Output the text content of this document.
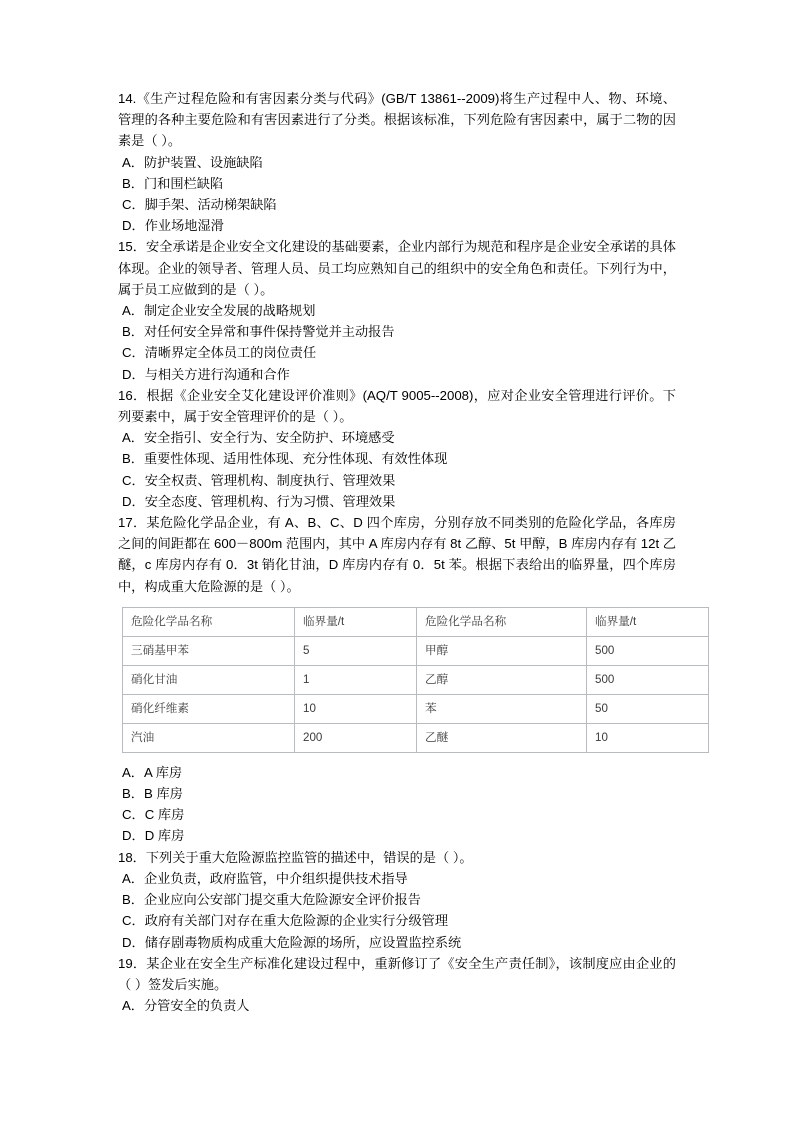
14.《生产过程危险和有害因素分类与代码》(GB/T 13861--2009)将生产过程中人、物、环境、管理的各种主要危险和有害因素进行了分类。根据该标准，下列危险有害因素中，属于二物的因素是（ ）。

A．防护装置、设施缺陷

B．门和围栏缺陷

C．脚手架、活动梯架缺陷

D．作业场地湿滑

15．安全承诺是企业安全文化建设的基础要素，企业内部行为规范和程序是企业安全承诺的具体体现。企业的领导者、管理人员、员工均应熟知自己的组织中的安全角色和责任。下列行为中，属于员工应做到的是（ ）。

A．制定企业安全发展的战略规划

B．对任何安全异常和事件保持警觉并主动报告

C．清晰界定全体员工的岗位责任

D．与相关方进行沟通和合作

16．根据《企业安全艾化建设评价准则》(AQ/T 9005--2008)，应对企业安全管理进行评价。下列要素中，属于安全管理评价的是（ ）。

A．安全指引、安全行为、安全防护、环境感受

B．重要性体现、适用性体现、充分性体现、有效性体现

C．安全权责、管理机构、制度执行、管理效果

D．安全态度、管理机构、行为习惯、管理效果

17．某危险化学品企业，有 A、B、C、D 四个库房，分别存放不同类别的危险化学品，各库房之间的间距都在 600－800m 范围内，其中 A 库房内存有 8t 乙醇、5t 甲醇，B 库房内存有 12t 乙醚，c 库房内存有 0．3t 销化甘油，D 库房内存有 0．5t 苯。根据下表给出的临界量，四个库房中，构成重大危险源的是（ ）。

危险化学品名称	临界量/t	危险化学品名称	临界量/t
三硝基甲苯	5	甲醇	500
硝化甘油	1	乙醇	500
硝化纤维素	10	苯	50
汽油	200	乙醚	10

A．A 库房

B．B 库房

C．C 库房

D．D 库房

18．下列关于重大危险源监控监管的描述中，错误的是（ ）。

A．企业负责，政府监管，中介组织提供技术指导

B．企业应向公安部门提交重大危险源安全评价报告

C．政府有关部门对存在重大危险源的企业实行分级管理

D．储存剧毒物质构成重大危险源的场所，应设置监控系统

19．某企业在安全生产标准化建设过程中，重新修订了《安全生产责任制》，该制度应由企业的（ ）签发后实施。

A．分管安全的负责人
